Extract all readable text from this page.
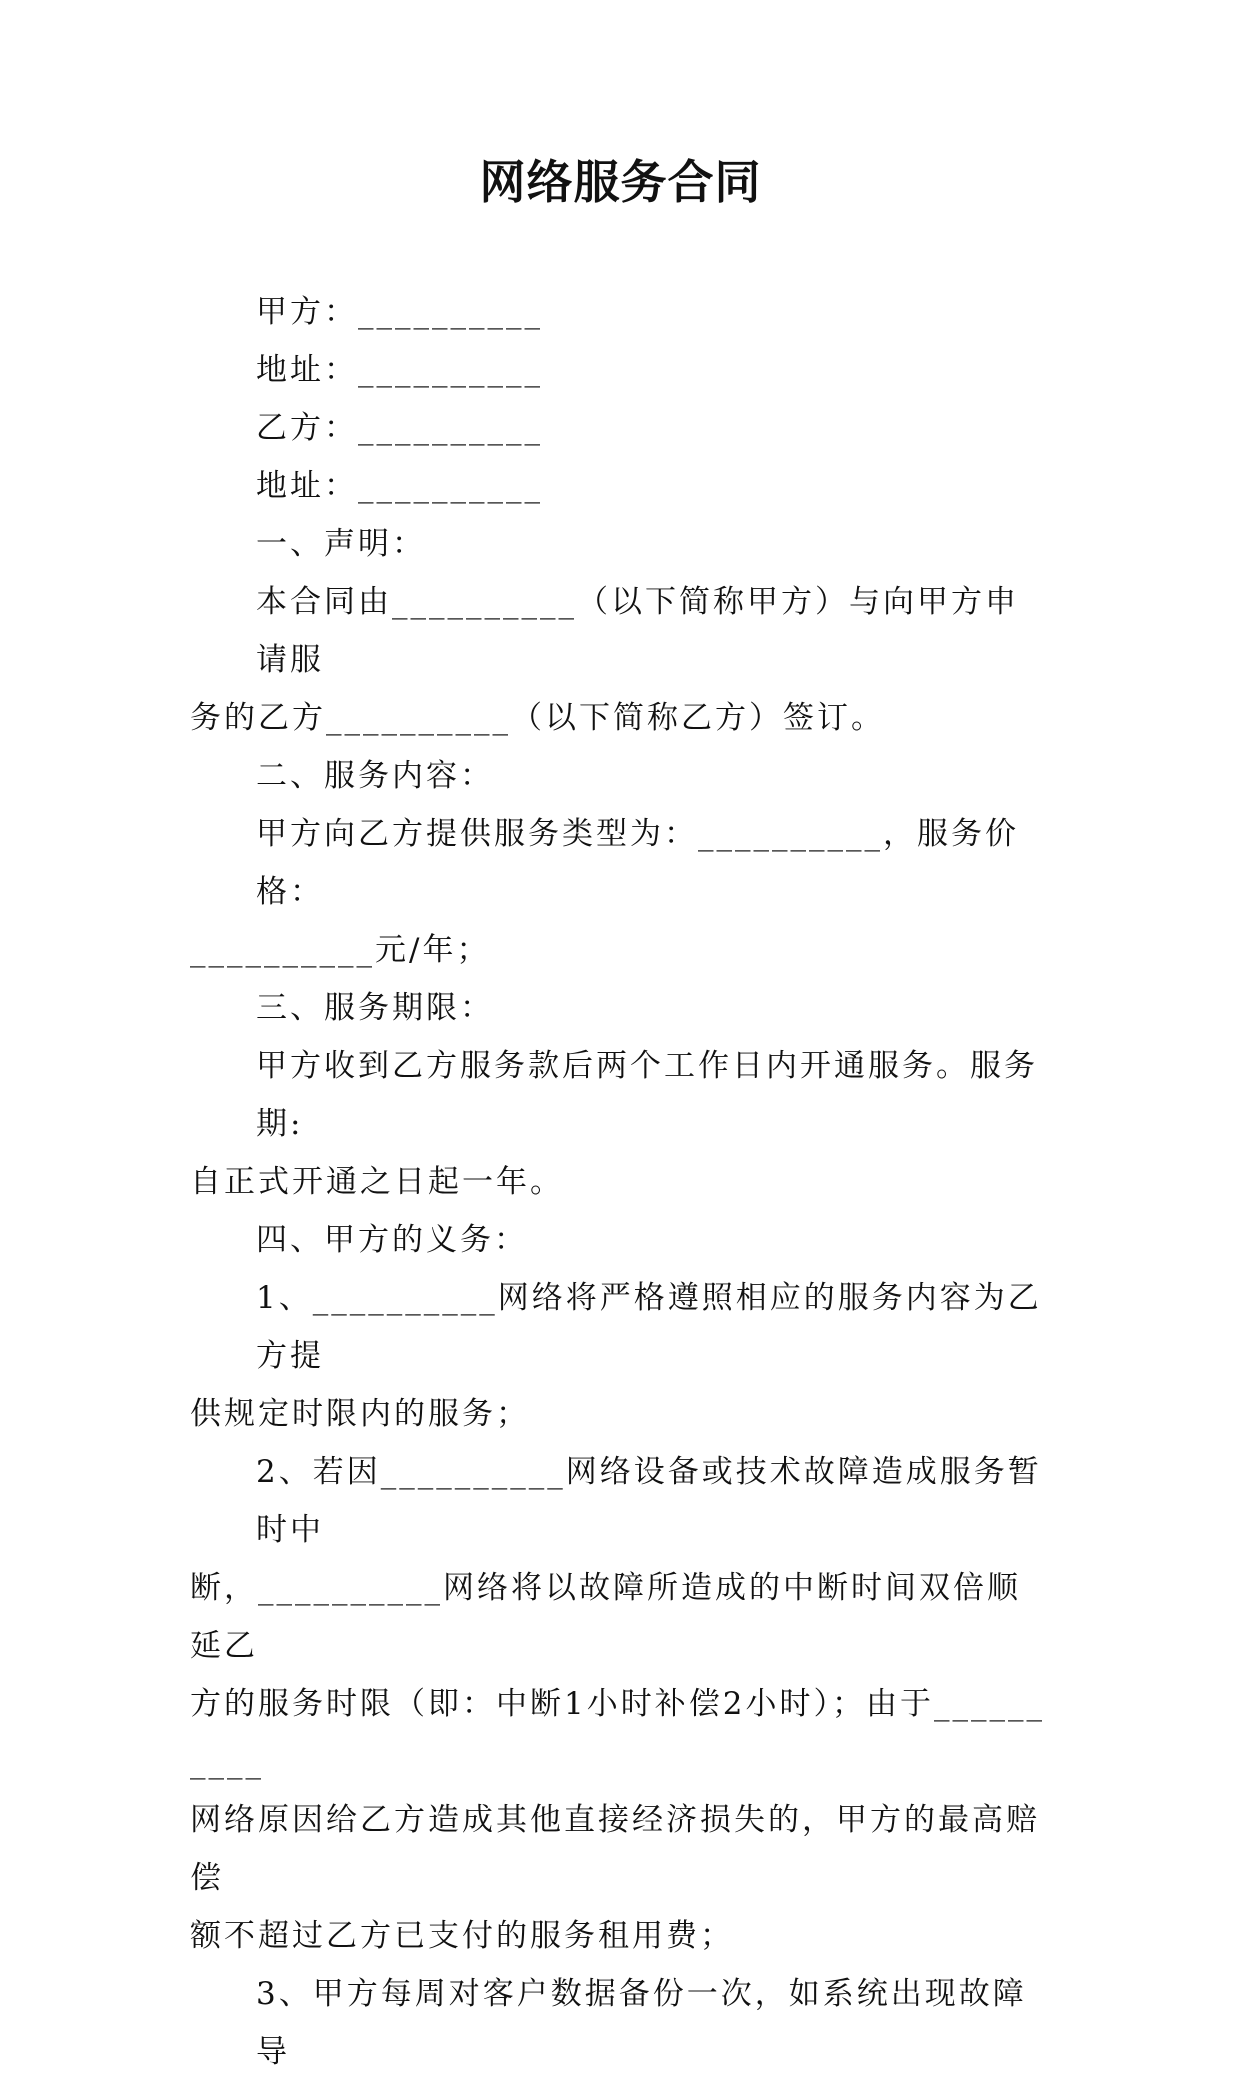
网络服务合同

甲方：__________

地址：__________

乙方：__________

地址：__________

一、声明：

本合同由__________（以下简称甲方）与向甲方申请服

务的乙方__________（以下简称乙方）签订。

二、服务内容：

甲方向乙方提供服务类型为：__________，服务价格：

__________元/年；

三、服务期限：

甲方收到乙方服务款后两个工作日内开通服务。服务期:

自正式开通之日起一年。

四、甲方的义务：

1、__________网络将严格遵照相应的服务内容为乙方提

供规定时限内的服务；

2、若因__________网络设备或技术故障造成服务暂时中

断，__________网络将以故障所造成的中断时间双倍顺延乙

方的服务时限（即：中断1小时补偿2小时）；由于__________

网络原因给乙方造成其他直接经济损失的，甲方的最高赔偿

额不超过乙方已支付的服务租用费；

3、甲方每周对客户数据备份一次，如系统出现故障导
